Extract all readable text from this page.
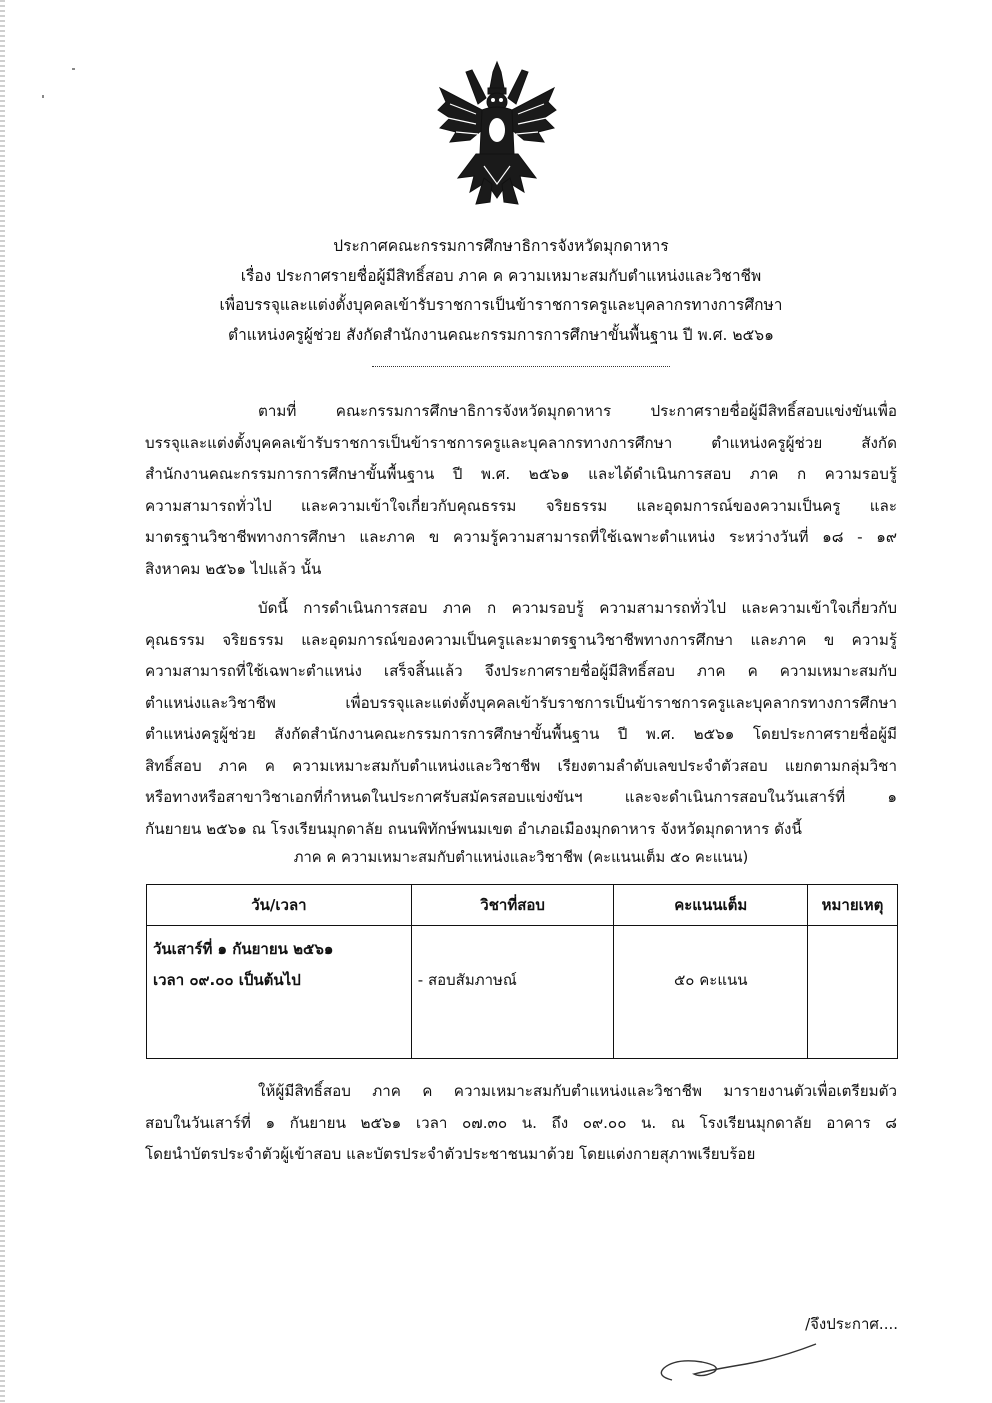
ประกาศคณะกรรมการศึกษาธิการจังหวัดมุกดาหาร
เรื่อง ประกาศรายชื่อผู้มีสิทธิ์สอบ ภาค ค ความเหมาะสมกับตำแหน่งและวิชาชีพ
เพื่อบรรจุและแต่งตั้งบุคคลเข้ารับราชการเป็นข้าราชการครูและบุคลากรทางการศึกษา
ตำแหน่งครูผู้ช่วย สังกัดสำนักงานคณะกรรมการการศึกษาขั้นพื้นฐาน ปี พ.ศ. ๒๕๖๑
ตามที่ คณะกรรมการศึกษาธิการจังหวัดมุกดาหาร ประกาศรายชื่อผู้มีสิทธิ์สอบแข่งขันเพื่อ
บรรจุและแต่งตั้งบุคคลเข้ารับราชการเป็นข้าราชการครูและบุคลากรทางการศึกษา ตำแหน่งครูผู้ช่วย สังกัด
สำนักงานคณะกรรมการการศึกษาขั้นพื้นฐาน ปี พ.ศ. ๒๕๖๑ และได้ดำเนินการสอบ ภาค ก ความรอบรู้
ความสามารถทั่วไป และความเข้าใจเกี่ยวกับคุณธรรม จริยธรรม และอุดมการณ์ของความเป็นครู และ
มาตรฐานวิชาชีพทางการศึกษา และภาค ข ความรู้ความสามารถที่ใช้เฉพาะตำแหน่ง ระหว่างวันที่ ๑๘ - ๑๙
สิงหาคม ๒๕๖๑ ไปแล้ว นั้น
บัดนี้ การดำเนินการสอบ ภาค ก ความรอบรู้ ความสามารถทั่วไป และความเข้าใจเกี่ยวกับ
คุณธรรม จริยธรรม และอุดมการณ์ของความเป็นครูและมาตรฐานวิชาชีพทางการศึกษา และภาค ข ความรู้
ความสามารถที่ใช้เฉพาะตำแหน่ง เสร็จสิ้นแล้ว จึงประกาศรายชื่อผู้มีสิทธิ์สอบ ภาค ค ความเหมาะสมกับ
ตำแหน่งและวิชาชีพ เพื่อบรรจุและแต่งตั้งบุคคลเข้ารับราชการเป็นข้าราชการครูและบุคลากรทางการศึกษา
ตำแหน่งครูผู้ช่วย สังกัดสำนักงานคณะกรรมการการศึกษาขั้นพื้นฐาน ปี พ.ศ. ๒๕๖๑ โดยประกาศรายชื่อผู้มี
สิทธิ์สอบ ภาค ค ความเหมาะสมกับตำแหน่งและวิชาชีพ เรียงตามลำดับเลขประจำตัวสอบ แยกตามกลุ่มวิชา
หรือทางหรือสาขาวิชาเอกที่กำหนดในประกาศรับสมัครสอบแข่งขันฯ และจะดำเนินการสอบในวันเสาร์ที่ ๑
กันยายน ๒๕๖๑ ณ โรงเรียนมุกดาลัย ถนนพิทักษ์พนมเขต อำเภอเมืองมุกดาหาร จังหวัดมุกดาหาร ดังนี้
ภาค ค ความเหมาะสมกับตำแหน่งและวิชาชีพ (คะแนนเต็ม ๕๐ คะแนน)
วัน/เวลา	วิชาที่สอบ	คะแนนเต็ม	หมายเหตุ

วันเสาร์ที่ ๑ กันยายน ๒๕๖๑
เวลา ๐๙.๐๐ เป็นต้นไป	- สอบสัมภาษณ์	๕๐ คะแนน	

ให้ผู้มีสิทธิ์สอบ ภาค ค ความเหมาะสมกับตำแหน่งและวิชาชีพ มารายงานตัวเพื่อเตรียมตัว
สอบในวันเสาร์ที่ ๑ กันยายน ๒๕๖๑ เวลา ๐๗.๓๐ น. ถึง ๐๙.๐๐ น. ณ โรงเรียนมุกดาลัย อาคาร ๘
โดยนำบัตรประจำตัวผู้เข้าสอบ และบัตรประจำตัวประชาชนมาด้วย โดยแต่งกายสุภาพเรียบร้อย
/จึงประกาศ....
